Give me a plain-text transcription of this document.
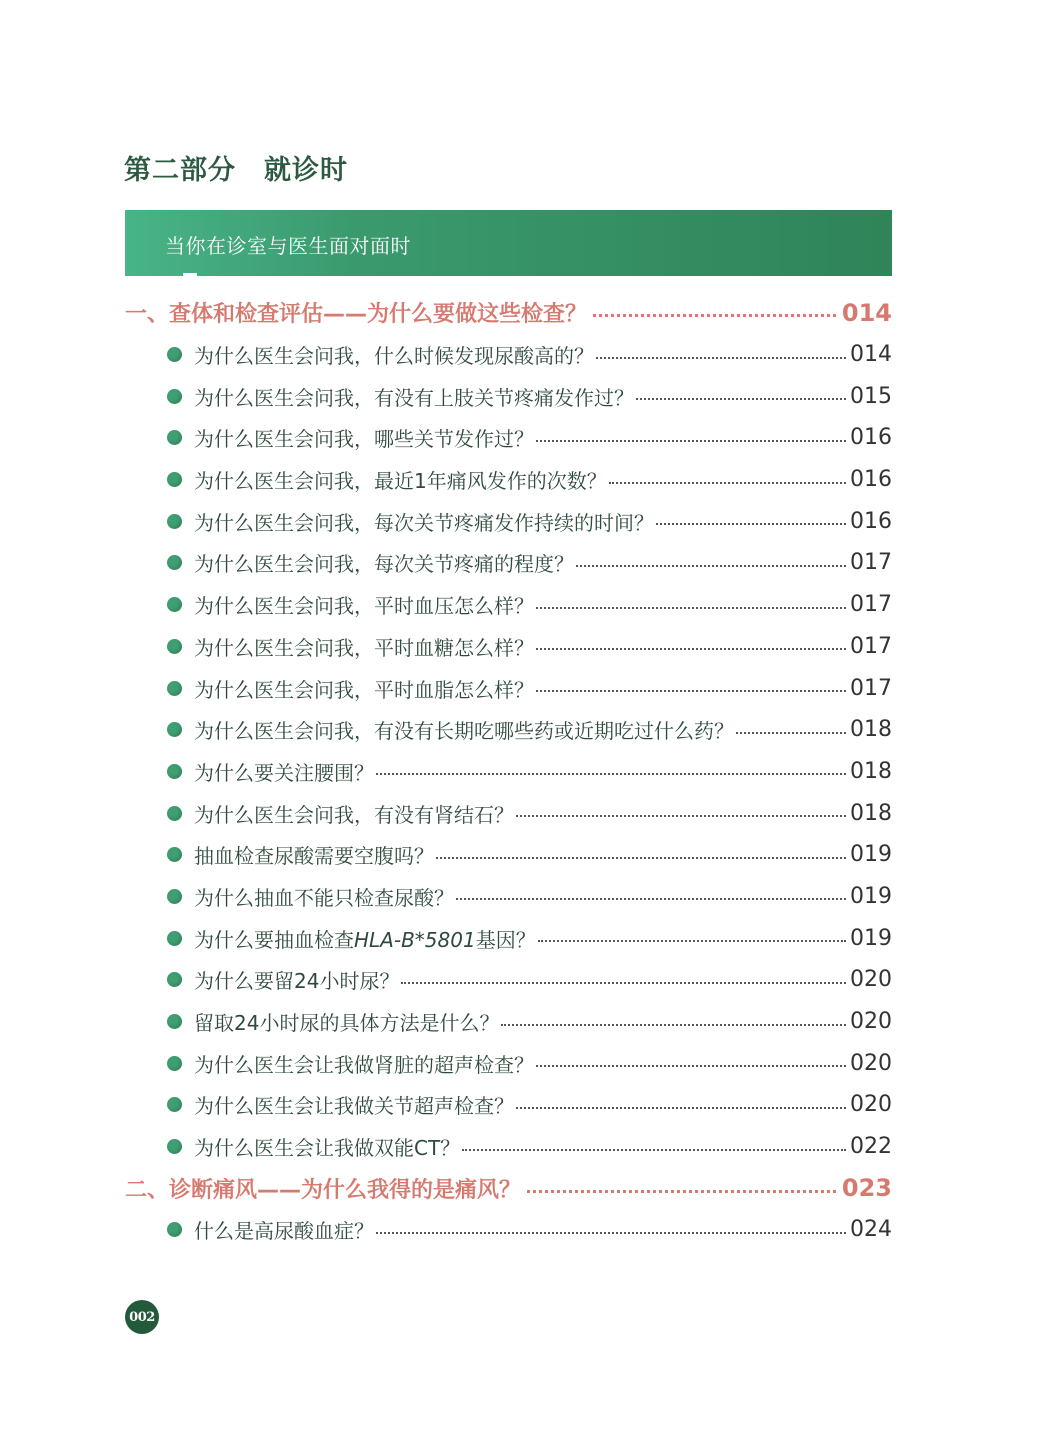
第二部分　就诊时
当你在诊室与医生面对面时
一、查体和检查评估——为什么要做这些检查？	014
为什么医生会问我，什么时候发现尿酸高的？	014
为什么医生会问我，有没有上肢关节疼痛发作过？	015
为什么医生会问我，哪些关节发作过？	016
为什么医生会问我，最近1年痛风发作的次数？	016
为什么医生会问我，每次关节疼痛发作持续的时间？	016
为什么医生会问我，每次关节疼痛的程度？	017
为什么医生会问我，平时血压怎么样？	017
为什么医生会问我，平时血糖怎么样？	017
为什么医生会问我，平时血脂怎么样？	017
为什么医生会问我，有没有长期吃哪些药或近期吃过什么药？	018
为什么要关注腰围？	018
为什么医生会问我，有没有肾结石？	018
抽血检查尿酸需要空腹吗？	019
为什么抽血不能只检查尿酸？	019
为什么要抽血检查HLA-B*5801基因？	019
为什么要留24小时尿？	020
留取24小时尿的具体方法是什么？	020
为什么医生会让我做肾脏的超声检查？	020
为什么医生会让我做关节超声检查？	020
为什么医生会让我做双能CT？	022
二、诊断痛风——为什么我得的是痛风？	023
什么是高尿酸血症？	024
002
